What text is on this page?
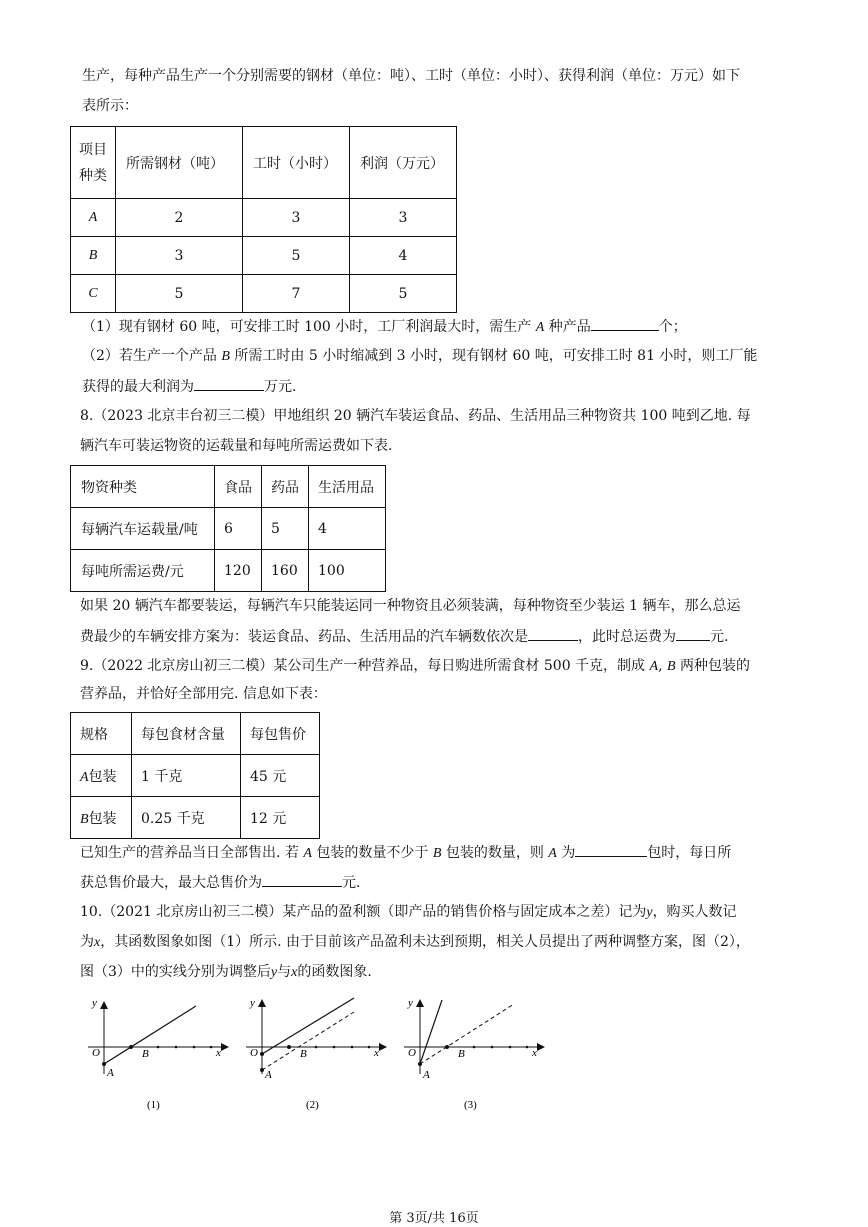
生产，每种产品生产一个分别需要的钢材（单位：吨）、工时（单位：小时）、获得利润（单位：万元）如下
表所示：
项目
种类	所需钢材（吨）	工时（小时）	利润（万元）
A	2	3	3
B	3	5	4
C	5	7	5
（1）现有钢材 60 吨，可安排工时 100 小时，工厂利润最大时，需生产 A 种产品	个；
（2）若生产一个产品 B 所需工时由 5 小时缩减到 3 小时，现有钢材 60 吨，可安排工时 81 小时，则工厂能
获得的最大利润为	万元.
8.（2023 北京丰台初三二模）甲地组织 20 辆汽车装运食品、药品、生活用品三种物资共 100 吨到乙地. 每
辆汽车可装运物资的运载量和每吨所需运费如下表.
物资种类	食品	药品	生活用品
每辆汽车运载量/吨	6	5	4
每吨所需运费/元	120	160	100
如果 20 辆汽车都要装运，每辆汽车只能装运同一种物资且必须装满，每种物资至少装运 1 辆车，那么总运
费最少的车辆安排方案为：装运食品、药品、生活用品的汽车辆数依次是	，此时总运费为 元.
9.（2022 北京房山初三二模）某公司生产一种营养品，每日购进所需食材 500 千克，制成 A, B 两种包装的
营养品，并恰好全部用完. 信息如下表：
规格	每包食材含量	每包售价
A包装	1 千克	45 元
B包装	0.25 千克	12 元
已知生产的营养品当日全部售出. 若 A 包装的数量不少于 B 包装的数量，则 A 为	包时，每日所
获总售价最大，最大总售价为	元.
10.（2021 北京房山初三二模）某产品的盈利额（即产品的销售价格与固定成本之差）记为y，购买人数记
为x，其函数图象如图（1）所示. 由于目前该产品盈利未达到预期，相关人员提出了两种调整方案，图（2），
图（3）中的实线分别为调整后y与x的函数图象.
y
x
O
A
B
(1)
y
x
O
A
B
(2)
y
x
O
A
B
(3)
第 3页/共 16页
